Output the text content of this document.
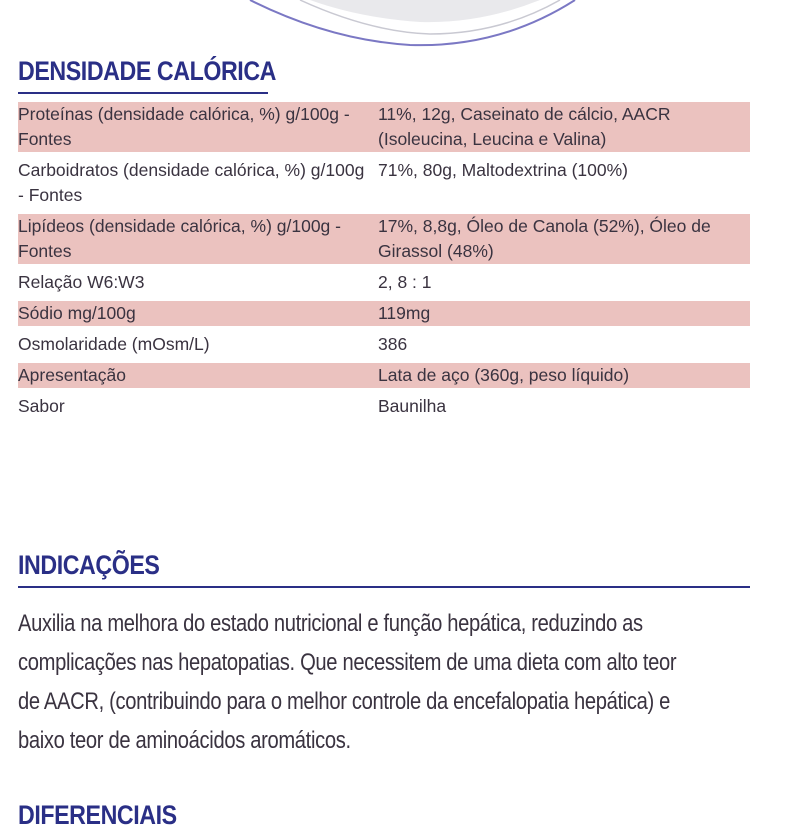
DENSIDADE CALÓRICA
Proteínas (densidade calórica, %) g/100g - Fontes	11%, 12g, Caseinato de cálcio, AACR (Isoleucina, Leucina e Valina)
Carboidratos (densidade calórica, %) g/100g - Fontes	71%, 80g, Maltodextrina (100%)
Lipídeos (densidade calórica, %) g/100g - Fontes	17%, 8,8g, Óleo de Canola (52%), Óleo de Girassol (48%)
Relação W6:W3	2, 8 : 1
Sódio mg/100g	119mg
Osmolaridade (mOsm/L)	386
Apresentação	Lata de aço (360g, peso líquido)
Sabor	Baunilha
INDICAÇÕES

Auxilia na melhora do estado nutricional e função hepática, reduzindo as
complicações nas hepatopatias. Que necessitem de uma dieta com alto teor
de AACR, (contribuindo para o melhor controle da encefalopatia hepática) e
baixo teor de aminoácidos aromáticos.

DIFERENCIAIS
